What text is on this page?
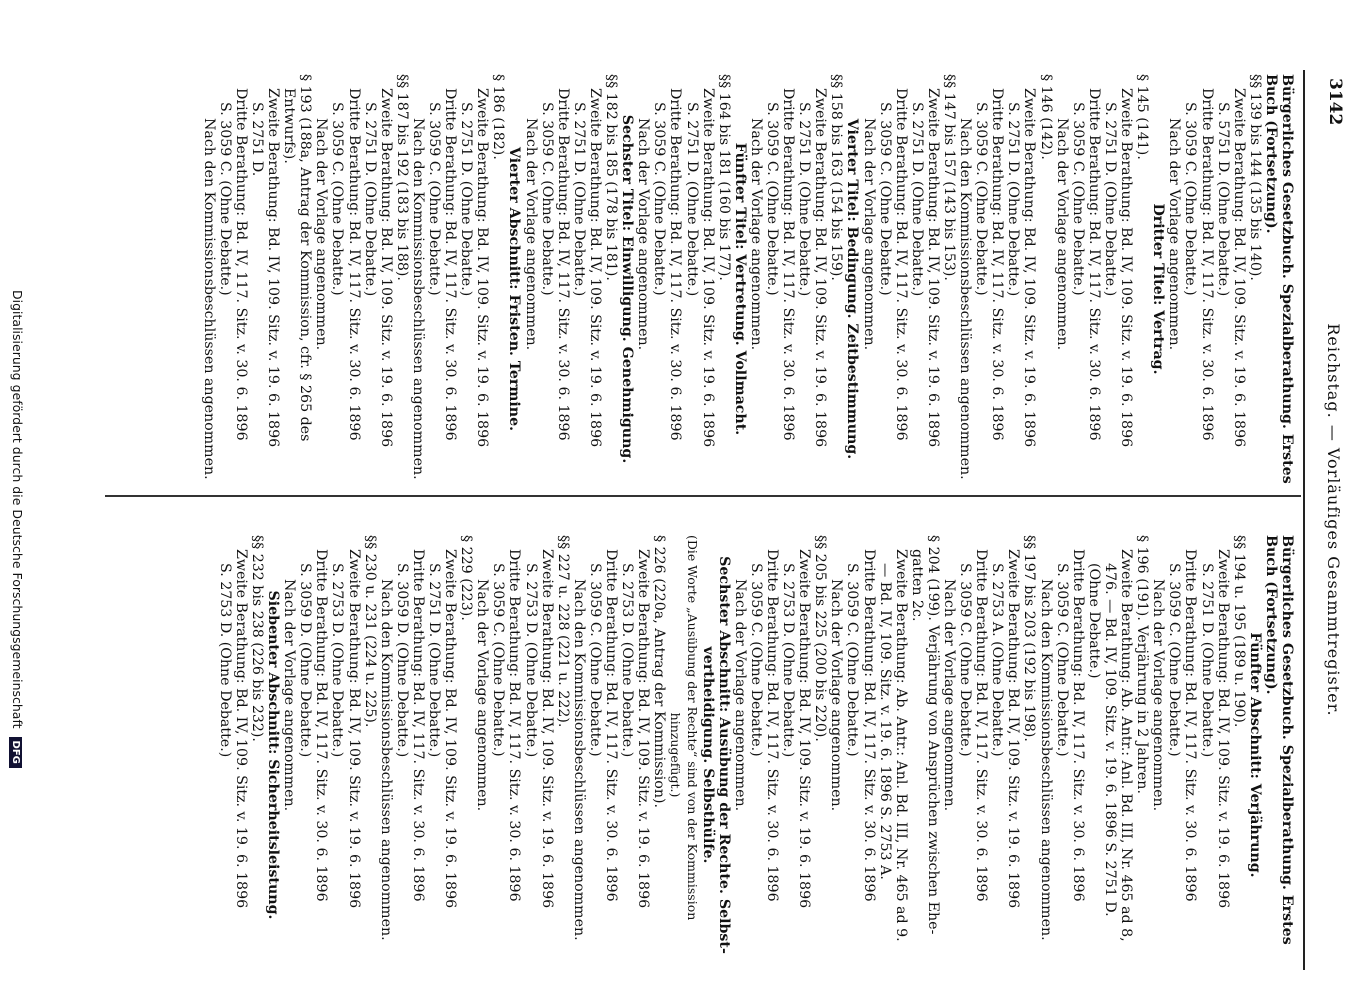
3142
Reichstag. — Vorläufiges Gesammtregister.
Bürgerliches Gesetzbuch. Spezialberathung. Erstes
Buch (Fortsetzung).
§§ 139 bis 144 (135 bis 140).
Zweite Berathung: Bd. IV, 109. Sitz. v. 19. 6. 1896
S. 5751 D. (Ohne Debatte.)
Dritte Berathung: Bd. IV, 117. Sitz. v. 30. 6. 1896
S. 3059 C. (Ohne Debatte.)
Nach der Vorlage angenommen.
Dritter Titel: Vertrag.
§ 145 (141).
Zweite Berathung: Bd. IV, 109. Sitz. v. 19. 6. 1896
S. 2751 D. (Ohne Debatte.)
Dritte Berathung: Bd. IV, 117. Sitz. v. 30. 6. 1896
S. 3059 C. (Ohne Debatte.)
Nach der Vorlage angenommen.
§ 146 (142).
Zweite Berathung: Bd. IV, 109. Sitz. v. 19. 6. 1896
S. 2751 D. (Ohne Debatte.)
Dritte Berathung: Bd. IV, 117. Sitz. v. 30. 6. 1896
S. 3059 C. (Ohne Debatte.)
Nach den Kommissionsbeschlüssen angenommen.
§§ 147 bis 157 (143 bis 153).
Zweite Berathung: Bd. IV, 109. Sitz. v. 19. 6. 1896
S. 2751 D. (Ohne Debatte.)
Dritte Berathung: Bd. IV, 117. Sitz. v. 30. 6. 1896
S. 3059 C. (Ohne Debatte.)
Nach der Vorlage angenommen.
Vierter Titel: Bedingung. Zeitbestimmung.
§§ 158 bis 163 (154 bis 159).
Zweite Berathung: Bd. IV, 109. Sitz. v. 19. 6. 1896
S. 2751 D. (Ohne Debatte.)
Dritte Berathung: Bd. IV, 117. Sitz. v. 30. 6. 1896
S. 3059 C. (Ohne Debatte.)
Nach der Vorlage angenommen.
Fünfter Titel: Vertretung. Vollmacht.
§§ 164 bis 181 (160 bis 177).
Zweite Berathung: Bd. IV, 109. Sitz. v. 19. 6. 1896
S. 2751 D. (Ohne Debatte.)
Dritte Berathung: Bd. IV, 117. Sitz. v. 30. 6. 1896
S. 3059 C. (Ohne Debatte.)
Nach der Vorlage angenommen.
Sechster Titel: Einwilligung. Genehmigung.
§§ 182 bis 185 (178 bis 181).
Zweite Berathung: Bd. IV, 109. Sitz. v. 19. 6. 1896
S. 2751 D. (Ohne Debatte.)
Dritte Berathung: Bd. IV, 117. Sitz. v. 30. 6. 1896
S. 3059 C. (Ohne Debatte.)
Nach der Vorlage angenommen.
Vierter Abschnitt: Fristen. Termine.
§ 186 (182).
Zweite Berathung: Bd. IV, 109. Sitz. v. 19. 6. 1896
S. 2751 D. (Ohne Debatte.)
Dritte Berathung: Bd. IV, 117. Sitz. v. 30. 6. 1896
S. 3059 C. (Ohne Debatte.)
Nach den Kommissionsbeschlüssen angenommen.
§§ 187 bis 192 (183 bis 188).
Zweite Berathung: Bd. IV, 109. Sitz. v. 19. 6. 1896
S. 2751 D. (Ohne Debatte.)
Dritte Berathung: Bd. IV, 117. Sitz. v. 30. 6. 1896
S. 3059 C. (Ohne Debatte.)
Nach der Vorlage angenommen.
§ 193 (188a, Antrag der Kommission, cfr. § 265 des
Entwurfs).
Zweite Berathung: Bd. IV, 109. Sitz. v. 19. 6. 1896
S. 2751 D.
Dritte Berathung: Bd. IV, 117. Sitz. v. 30. 6. 1896
S. 3059 C. (Ohne Debatte.)
Nach den Kommissionsbeschlüssen angenommen.
Bürgerliches Gesetzbuch. Spezialberathung. Erstes
Buch (Fortsetzung).
Fünfter Abschnitt: Verjährung.
§§ 194 u. 195 (189 u. 190).
Zweite Berathung: Bd. IV, 109. Sitz. v. 19. 6. 1896
S. 2751 D. (Ohne Debatte.)
Dritte Berathung: Bd. IV, 117. Sitz. v. 30. 6. 1896
S. 3059 C. (Ohne Debatte.)
Nach der Vorlage angenommen.
§ 196 (191). Verjährung in 2 Jahren.
Zweite Berathung: Ab. Antr.: Anl. Bd. III, Nr. 465 ad 8,
476. — Bd. IV, 109. Sitz. v. 19. 6. 1896 S. 2751 D.
(Ohne Debatte.)
Dritte Berathung: Bd. IV, 117. Sitz. v. 30. 6. 1896
S. 3059 C. (Ohne Debatte.)
Nach den Kommissionsbeschlüssen angenommen.
§§ 197 bis 203 (192 bis 198).
Zweite Berathung: Bd. IV, 109. Sitz. v. 19. 6. 1896
S. 2753 A. (Ohne Debatte.)
Dritte Berathung: Bd. IV, 117. Sitz. v. 30. 6. 1896
S. 3059 C. (Ohne Debatte.)
Nach der Vorlage angenommen.
§ 204 (199). Verjährung von Ansprüchen zwischen Ehe-
gatten 2c.
Zweite Berathung: Ab. Antr.: Anl. Bd. III, Nr. 465 ad 9.
— Bd. IV, 109. Sitz. v. 19. 6. 1896 S. 2753 A.
Dritte Berathung: Bd. IV, 117. Sitz. v. 30. 6. 1896
S. 3059 C. (Ohne Debatte.)
Nach der Vorlage angenommen.
§§ 205 bis 225 (200 bis 220).
Zweite Berathung: Bd. IV, 109. Sitz. v. 19. 6. 1896
S. 2753 D. (Ohne Debatte.)
Dritte Berathung: Bd. IV, 117. Sitz. v. 30. 6. 1896
S. 3059 C. (Ohne Debatte.)
Nach der Vorlage angenommen.
Sechster Abschnitt: Ausübung der Rechte. Selbst-
vertheidigung. Selbsthülfe.
(Die Worte „Ausübung der Rechte“ sind von der Kommission
hinzugefügt.)
§ 226 (220a, Antrag der Kommission).
Zweite Berathung: Bd. IV, 109. Sitz. v. 19. 6. 1896
S. 2753 D. (Ohne Debatte.)
Dritte Berathung: Bd. IV, 117. Sitz. v. 30. 6. 1896
S. 3059 C. (Ohne Debatte.)
Nach den Kommissionsbeschlüssen angenommen.
§§ 227 u. 228 (221 u. 222).
Zweite Berathung: Bd. IV, 109. Sitz. v. 19. 6. 1896
S. 2753 D. (Ohne Debatte.)
Dritte Berathung: Bd. IV, 117. Sitz. v. 30. 6. 1896
S. 3059 C. (Ohne Debatte.)
Nach der Vorlage angenommen.
§ 229 (223).
Zweite Berathung: Bd. IV, 109. Sitz. v. 19. 6. 1896
S. 2751 D. (Ohne Debatte.)
Dritte Berathung: Bd. IV, 117. Sitz. v. 30. 6. 1896
S. 3059 D. (Ohne Debatte.)
Nach den Kommissionsbeschlüssen angenommen.
§§ 230 u. 231 (224 u. 225).
Zweite Berathung: Bd. IV, 109. Sitz. v. 19. 6. 1896
S. 2753 D. (Ohne Debatte.)
Dritte Berathung: Bd. IV, 117. Sitz. v. 30. 6. 1896
S. 3059 D. (Ohne Debatte.)
Nach der Vorlage angenommen.
Siebenter Abschnitt: Sicherheitsleistung.
§§ 232 bis 238 (226 bis 232).
Zweite Berathung: Bd. IV, 109. Sitz. v. 19. 6. 1896
S. 2753 D. (Ohne Debatte.)
Digitalisierung gefördert durch die Deutsche Forschungsgemeinschaft DFG
